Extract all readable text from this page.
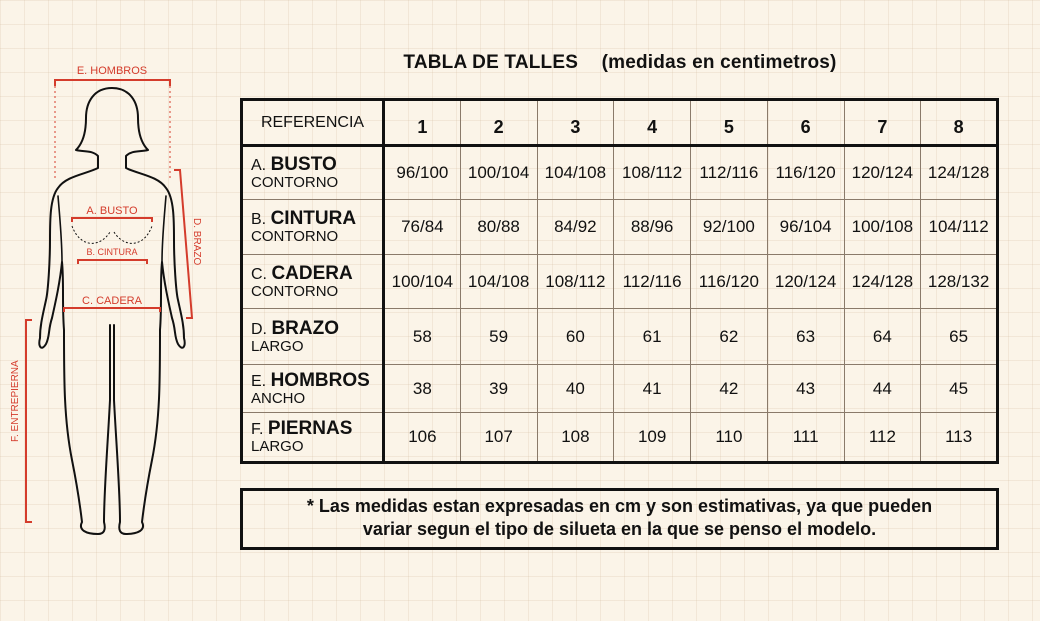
E. HOMBROS
A. BUSTO
B. CINTURA
C. CADERA
D. BRAZO
F. ENTREPIERNA
TABLA DE TALLES (medidas en centimetros)
REFERENCIA	1	2	3	4	5	6	7	8
A. BUSTO
CONTORNO	96/100	100/104	104/108	108/112	112/116	116/120	120/124	124/128
B. CINTURA
CONTORNO	76/84	80/88	84/92	88/96	92/100	96/104	100/108	104/112
C. CADERA
CONTORNO	100/104	104/108	108/112	112/116	116/120	120/124	124/128	128/132
D. BRAZO
LARGO	58	59	60	61	62	63	64	65
E. HOMBROS
ANCHO	38	39	40	41	42	43	44	45
F. PIERNAS
LARGO	106	107	108	109	110	111	112	113
* Las medidas estan expresadas en cm y son estimativas, ya que pueden
variar segun el tipo de silueta en la que se penso el modelo.
